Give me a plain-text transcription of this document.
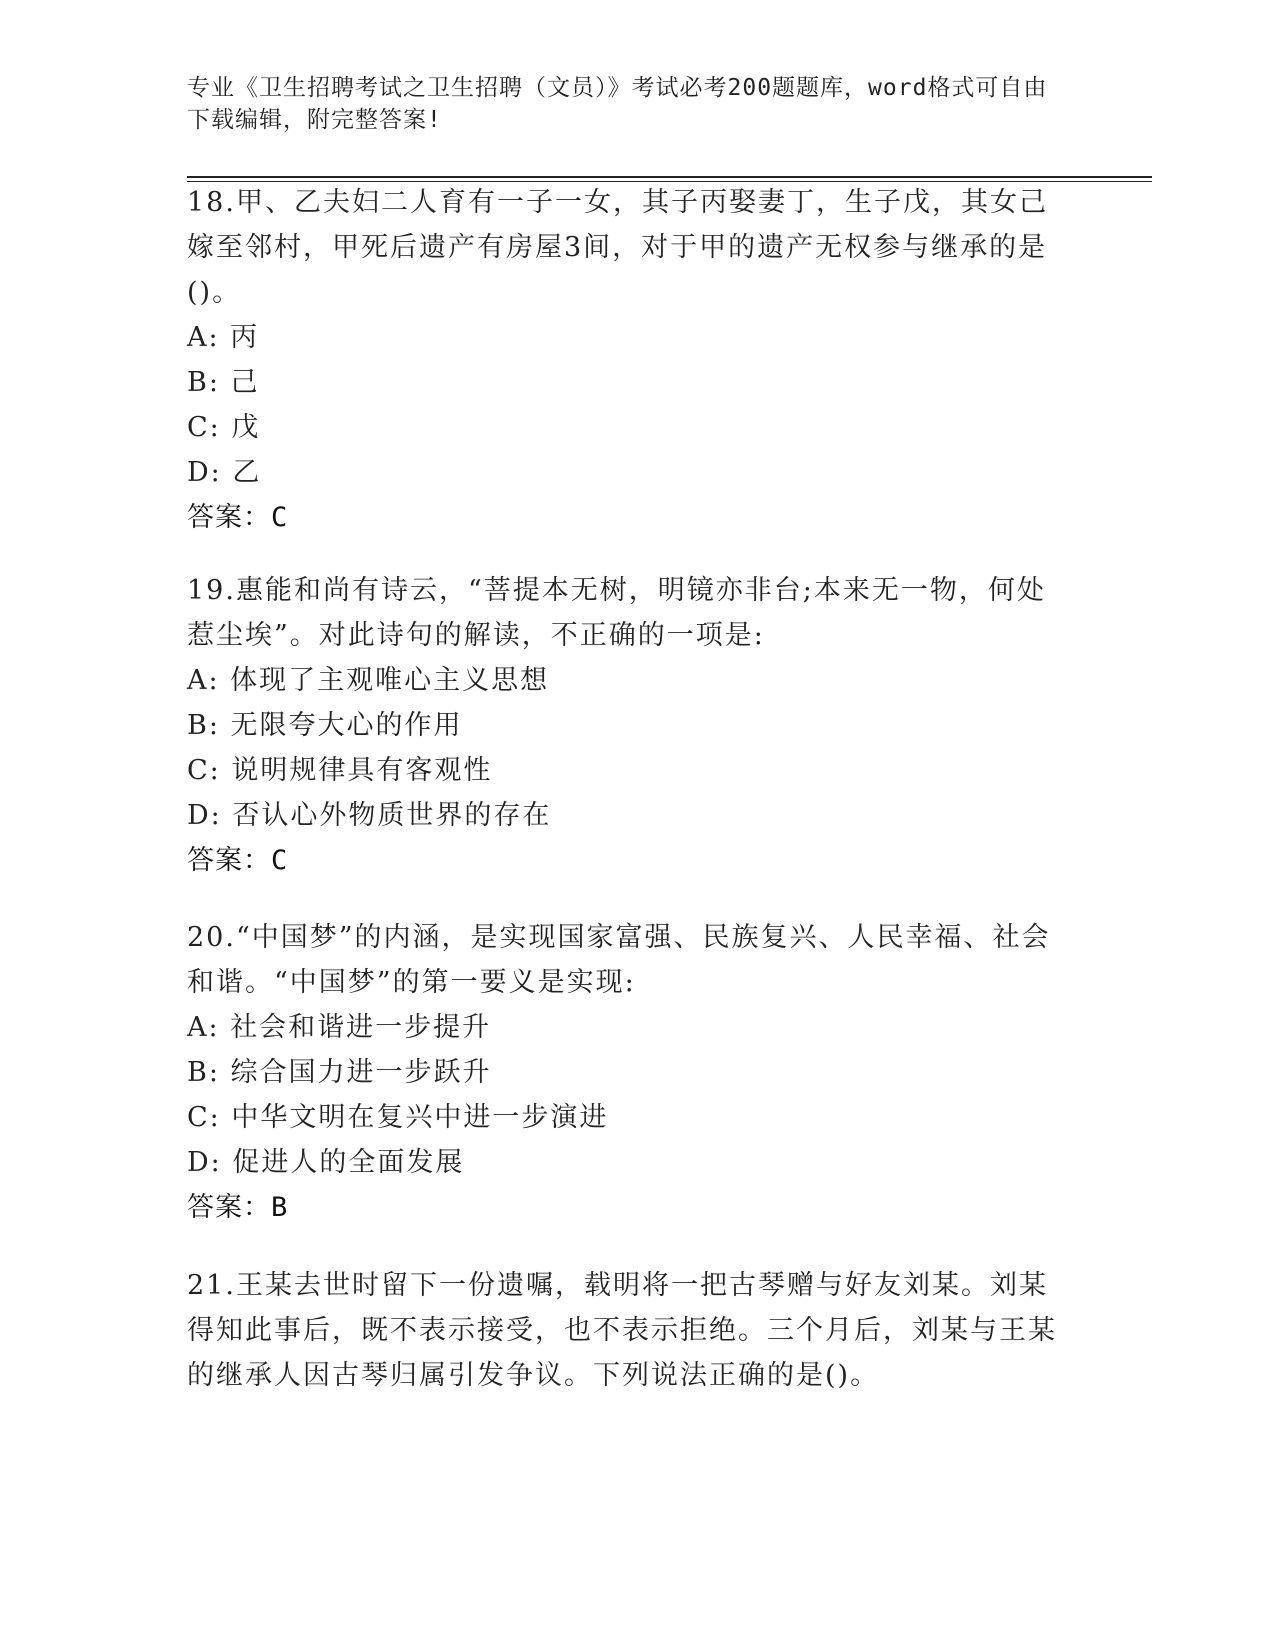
专业《卫生招聘考试之卫生招聘（文员）》考试必考200题题库，word格式可自由下载编辑，附完整答案!
18.甲、乙夫妇二人育有一子一女，其子丙娶妻丁，生子戊，其女己嫁至邻村，甲死后遗产有房屋3间，对于甲的遗产无权参与继承的是()。
A: 丙
B: 己
C: 戊
D: 乙
答案：C
19.惠能和尚有诗云，“菩提本无树，明镜亦非台;本来无一物，何处惹尘埃”。对此诗句的解读，不正确的一项是:
A: 体现了主观唯心主义思想
B: 无限夸大心的作用
C: 说明规律具有客观性
D: 否认心外物质世界的存在
答案：C
20.“中国梦”的内涵，是实现国家富强、民族复兴、人民幸福、社会和谐。“中国梦”的第一要义是实现:
A: 社会和谐进一步提升
B: 综合国力进一步跃升
C: 中华文明在复兴中进一步演进
D: 促进人的全面发展
答案：B
21.王某去世时留下一份遗嘱，载明将一把古琴赠与好友刘某。刘某得知此事后，既不表示接受，也不表示拒绝。三个月后，刘某与王某的继承人因古琴归属引发争议。下列说法正确的是()。
